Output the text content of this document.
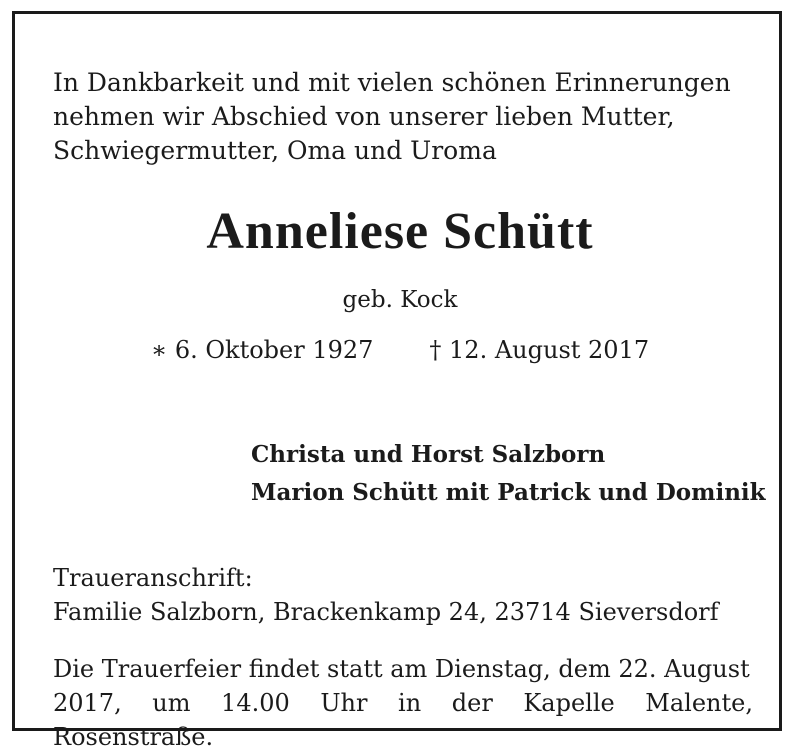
In Dankbarkeit und mit vielen schönen Erinnerungen
nehmen wir Abschied von unserer lieben Mutter,
Schwiegermutter, Oma und Uroma
Anneliese Schütt
geb. Kock
∗ 6. Oktober 1927 † 12. August 2017
Christa und Horst Salzborn
Marion Schütt mit Patrick und Dominik
Traueranschrift:
Familie Salzborn, Brackenkamp 24, 23714 Sieversdorf
Die Trauerfeier findet statt am Dienstag, dem 22. August
2017, um 14.00 Uhr in der Kapelle Malente, Rosenstraße.
